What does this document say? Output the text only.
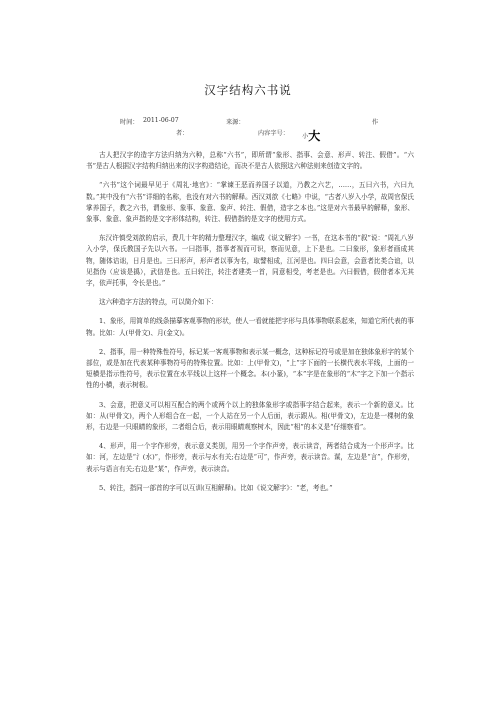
汉字结构六书说
时间： 2011-06-07	来源：	作
者：	内容字号： 小大

古人把汉字的造字方法归纳为六种，总称“六书”，即所谓“象形、指事、会意、形声、转注、假借”。“六书”是古人根据汉字结构归纳出来的汉字构造结论，而决不是古人依照这六种法则来创造文字的。

“六书”这个词最早见于《周礼·地官》：“掌谏王恶而养国子以道，乃教之六艺，……，五曰六书，六曰九数。”其中没有“六书”详细的名称，也没有对六书的解释。西汉刘歆《七略》中说，“古者八岁入小学，故周官保氏掌养国子，教之六书，谓象形、象事、象意、象声、转注、假借，造字之本也。”这是对六书最早的解释，象形、象事、象意、象声指的是文字形体结构，转注、假借指的是文字的使用方式。

东汉许慎受刘歆的启示，费几十年的精力整理汉字，编成《说文解字》一书，在这本书的“叙”说：“周礼八岁入小学，保氏教国子先以六书。一曰指事，指事者视而可识，察而见意，上下是也。二曰象形，象形者画成其物，随体诘诎，日月是也。三曰形声，形声者以事为名，取譬相成，江河是也。四曰会意，会意者比类合谊，以见指伪（应该是撝），武信是也。五曰转注，转注者建类一首，同意相受，考老是也。六曰假借，假借者本无其字，依声托事，令长是也。”

这六种造字方法的特点，可以简介如下：

1、象形，用简单的线条描摹客观事物的形状，使人一看就能把字形与具体事物联系起来，知道它所代表的事物。比如：人(甲骨文)、月(金文)。

2、指事，用一种特殊性符号，标记某一客观事物和表示某一概念，这种标记符号或是加在独体象形字的某个部位，或是加在代表某种事物符号的特殊位置。比如：上(甲骨文)，“上”字下面的一长横代表水平线，上面的一短横是指示性符号，表示位置在水平线以上这样一个概念。本(小篆)，“本”字是在象形的“木”字之下加一个指示性的小横，表示树根。

3、会意，把意义可以相互配合的两个或两个以上的独体象形字或指事字结合起来，表示一个新的意义。比如：从(甲骨文)，两个人形组合在一起，一个人站在另一个人后面，表示跟从。相(甲骨文)，左边是一棵树的象形，右边是一只眼睛的象形，二者组合后，表示用眼睛观察树木，因此“相”的本义是“仔细察看”。

4、形声，用一个字作形旁，表示意义类别，用另一个字作声旁，表示读音，两者结合成为一个形声字。比如：河，左边是“氵(水)”，作形旁，表示与水有关;右边是“可”，作声旁，表示读音。谋，左边是“言”，作形旁，表示与语言有关;右边是“某”，作声旁，表示读音。

5、转注，指同一部首的字可以互训(互相解释)。比如《说文解字》：“老，考也。”
